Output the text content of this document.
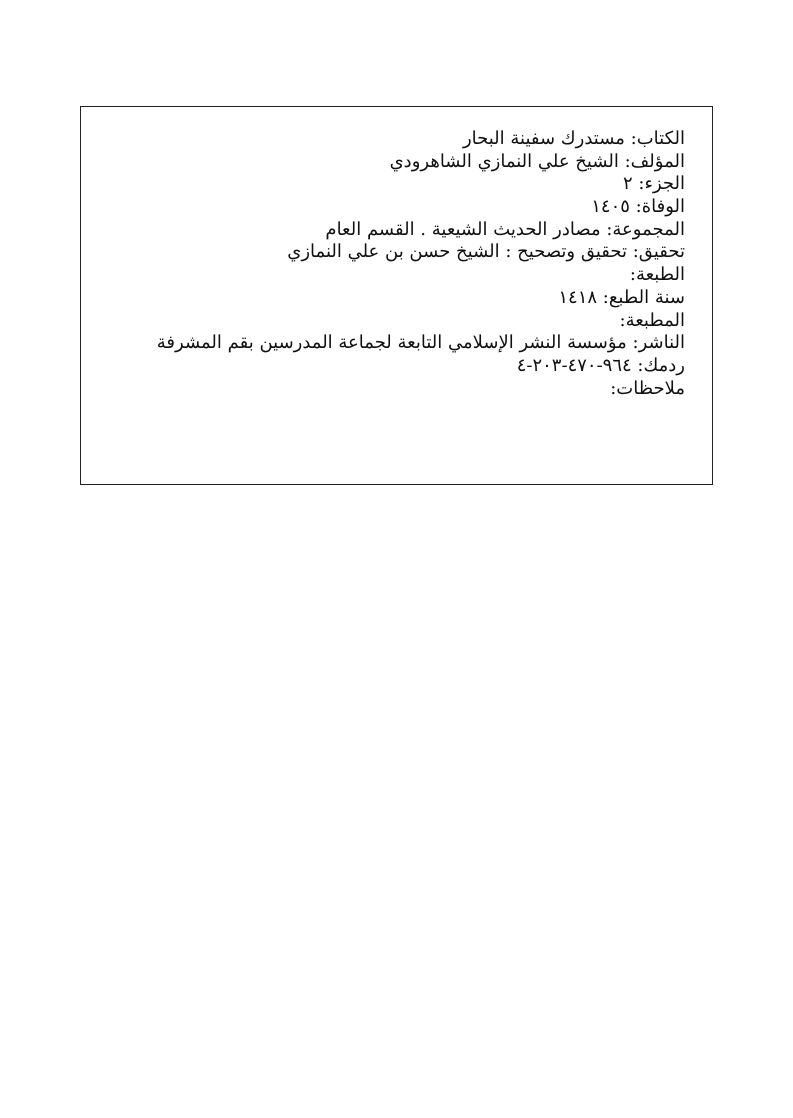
الكتاب: مستدرك سفينة البحار
المؤلف: الشيخ علي النمازي الشاهرودي
الجزء: ٢
الوفاة: ١٤٠٥
المجموعة: مصادر الحديث الشيعية . القسم العام
تحقيق: تحقيق وتصحيح : الشيخ حسن بن علي النمازي
الطبعة:
سنة الطبع: ١٤١٨
المطبعة:
الناشر: مؤسسة النشر الإسلامي التابعة لجماعة المدرسين بقم المشرفة
ردمك: ٩٦٤-٤٧٠-٢٠٣-٤
ملاحظات:
